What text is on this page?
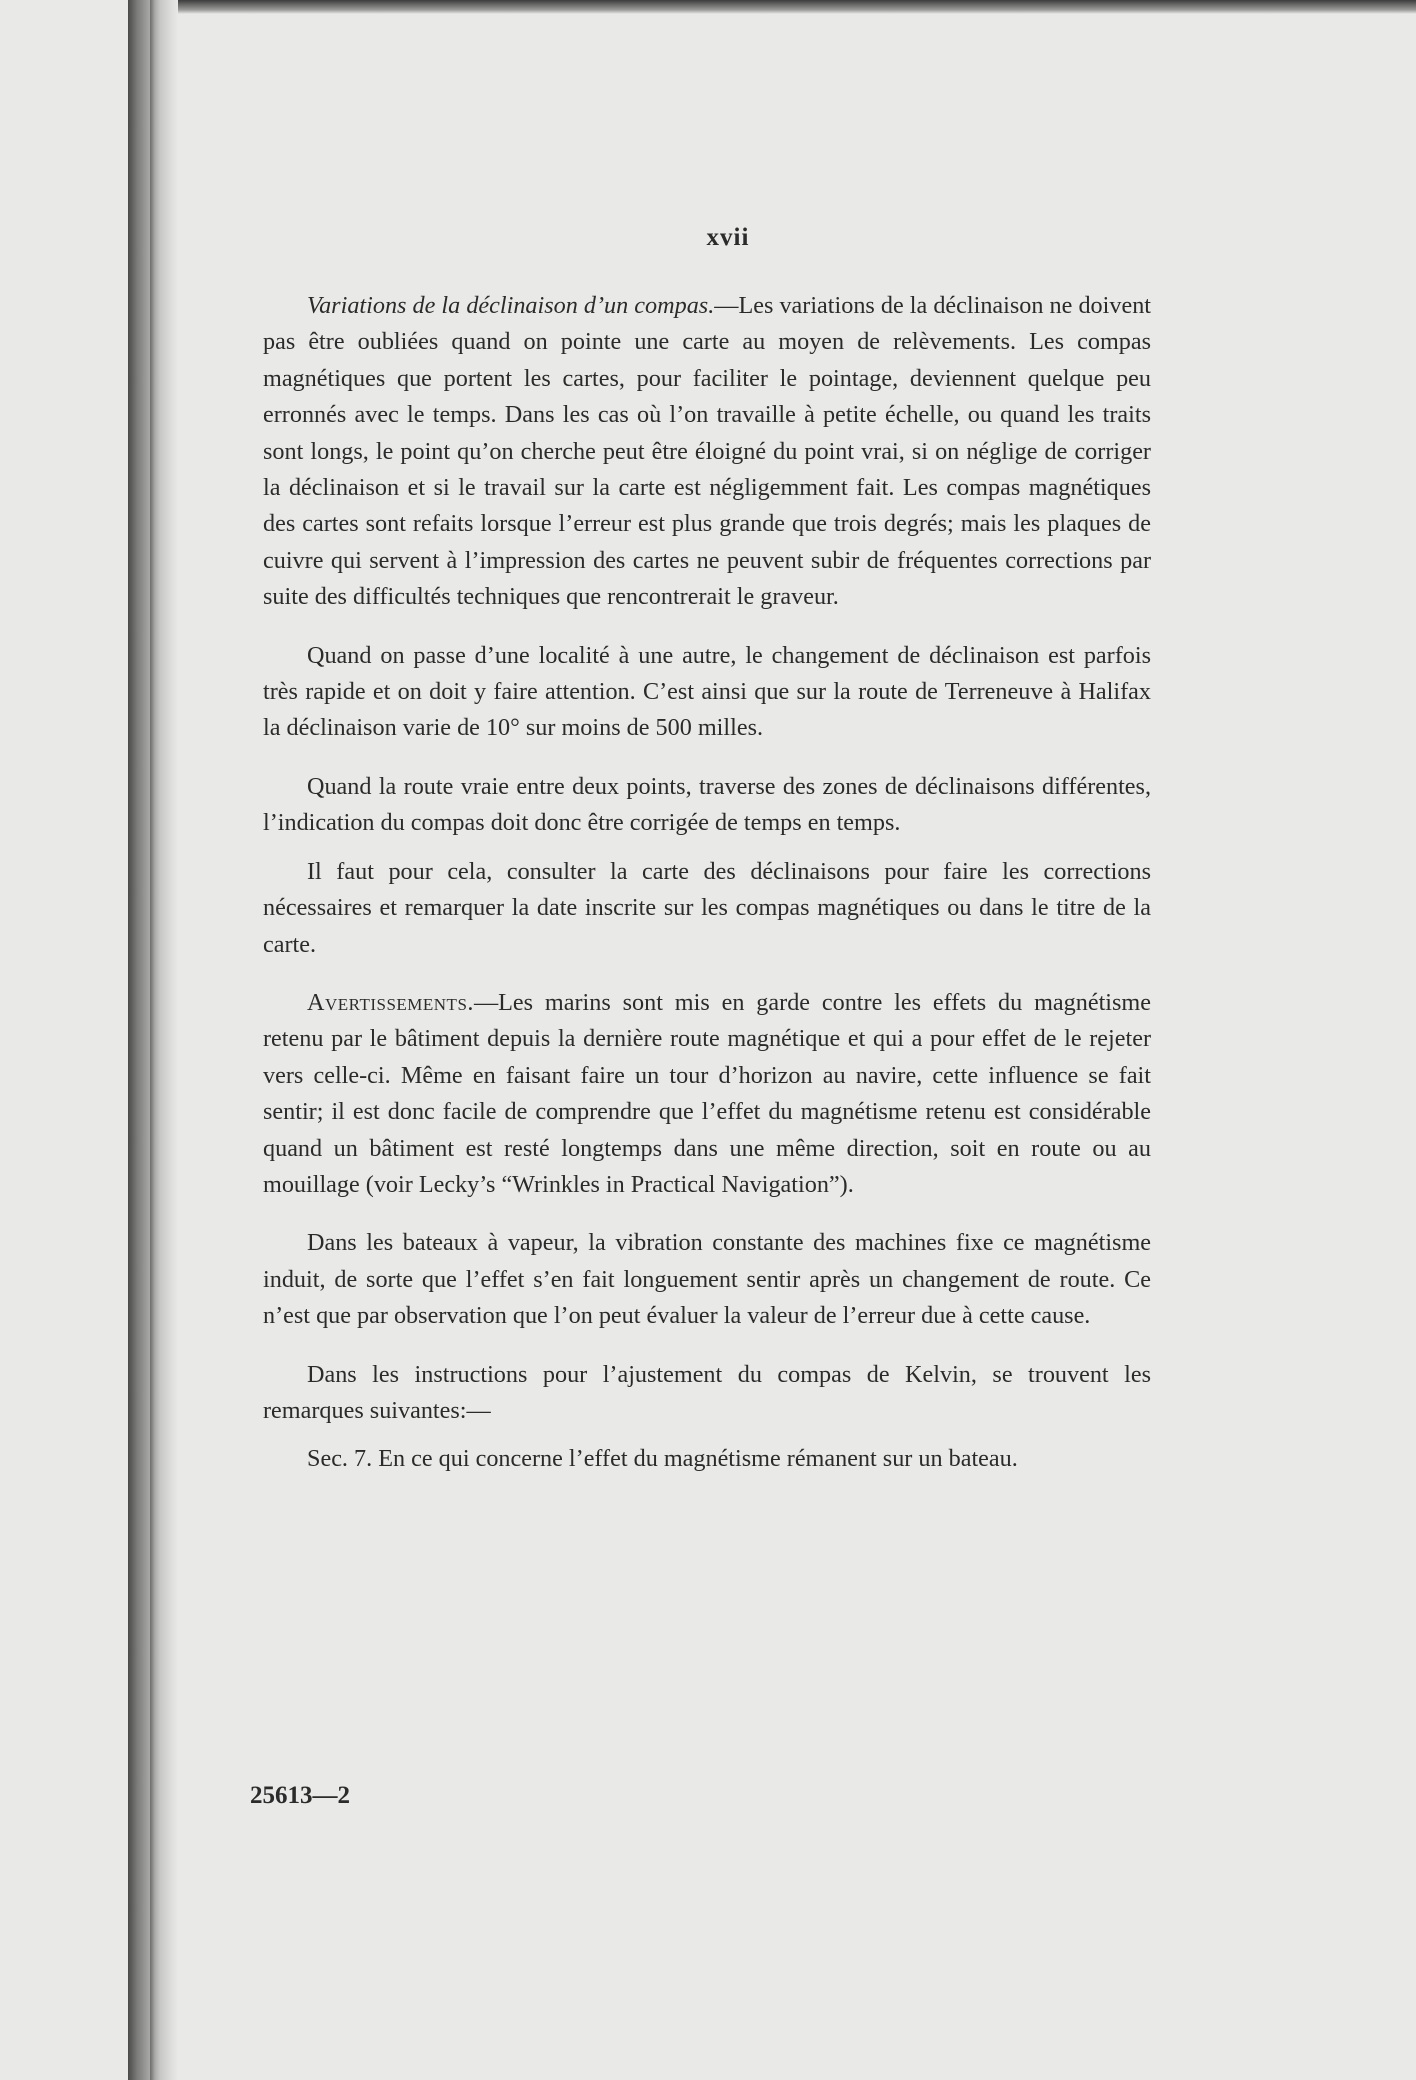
xvii

Variations de la déclinaison d’un compas.—Les variations de la déclinaison ne doivent pas être oubliées quand on pointe une carte au moyen de relèvements. Les compas magnétiques que portent les cartes, pour faciliter le pointage, deviennent quelque peu erronnés avec le temps. Dans les cas où l’on travaille à petite échelle, ou quand les traits sont longs, le point qu’on cherche peut être éloigné du point vrai, si on néglige de corriger la déclinaison et si le travail sur la carte est négligemment fait. Les compas magnétiques des cartes sont refaits lorsque l’erreur est plus grande que trois degrés; mais les plaques de cuivre qui servent à l’impression des cartes ne peuvent subir de fréquentes corrections par suite des difficultés techniques que rencontrerait le graveur.

Quand on passe d’une localité à une autre, le changement de déclinaison est parfois très rapide et on doit y faire attention. C’est ainsi que sur la route de Terreneuve à Halifax la déclinaison varie de 10° sur moins de 500 milles.

Quand la route vraie entre deux points, traverse des zones de déclinaisons différentes, l’indication du compas doit donc être corrigée de temps en temps.

Il faut pour cela, consulter la carte des déclinaisons pour faire les corrections nécessaires et remarquer la date inscrite sur les compas magnétiques ou dans le titre de la carte.

Avertissements.—Les marins sont mis en garde contre les effets du magnétisme retenu par le bâtiment depuis la dernière route magnétique et qui a pour effet de le rejeter vers celle-ci. Même en faisant faire un tour d’horizon au navire, cette influence se fait sentir; il est donc facile de comprendre que l’effet du magnétisme retenu est considérable quand un bâtiment est resté longtemps dans une même direction, soit en route ou au mouillage (voir Lecky’s “Wrinkles in Practical Navigation”).

Dans les bateaux à vapeur, la vibration constante des machines fixe ce magnétisme induit, de sorte que l’effet s’en fait longuement sentir après un changement de route. Ce n’est que par observation que l’on peut évaluer la valeur de l’erreur due à cette cause.

Dans les instructions pour l’ajustement du compas de Kelvin, se trouvent les remarques suivantes:—

Sec. 7. En ce qui concerne l’effet du magnétisme rémanent sur un bateau.

25613—2
